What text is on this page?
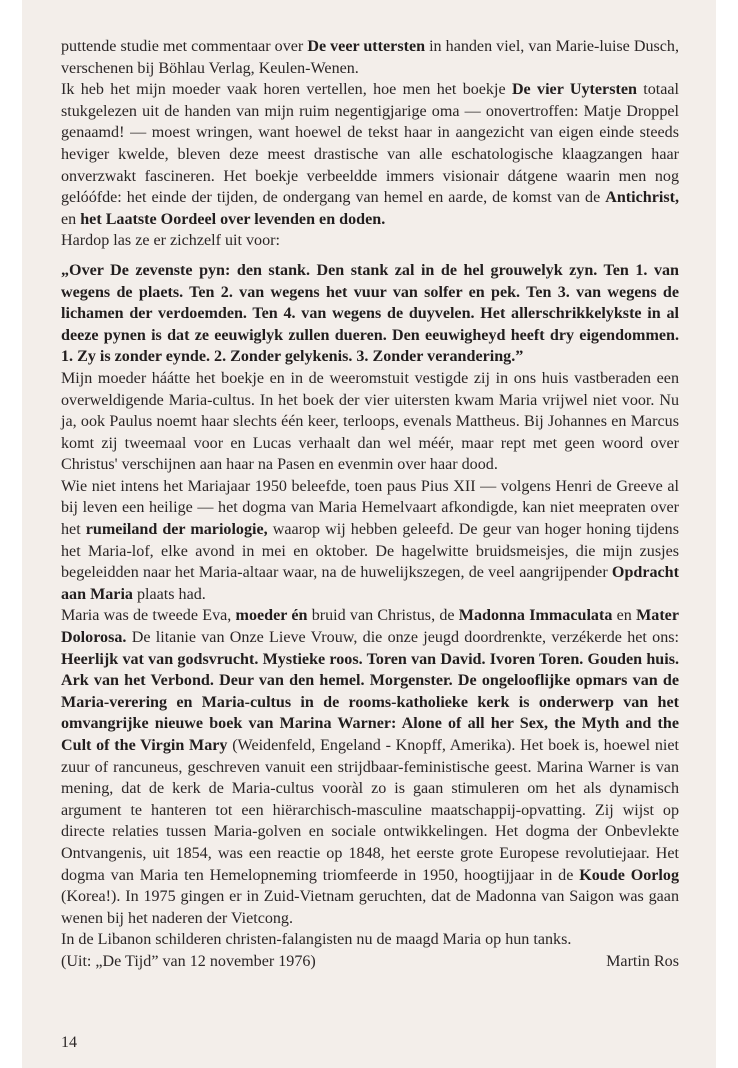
puttende studie met commentaar over De veer uttersten in handen viel, van Marie-luise Dusch, verschenen bij Böhlau Verlag, Keulen-Wenen.

Ik heb het mijn moeder vaak horen vertellen, hoe men het boekje De vier Uytersten totaal stukgelezen uit de handen van mijn ruim negentigjarige oma — onovertroffen: Matje Droppel genaamd! — moest wringen, want hoewel de tekst haar in aangezicht van eigen einde steeds heviger kwelde, bleven deze meest drastische van alle eschatologische klaagzangen haar onverzwakt fascineren. Het boekje verbeeldde immers visionair dátgene waarin men nog gelóófde: het einde der tijden, de ondergang van hemel en aarde, de komst van de Antichrist, en het Laatste Oordeel over levenden en doden.

Hardop las ze er zichzelf uit voor:

„Over De zevenste pyn: den stank. Den stank zal in de hel grouwelyk zyn. Ten 1. van wegens de plaets. Ten 2. van wegens het vuur van solfer en pek. Ten 3. van wegens de lichamen der verdoemden. Ten 4. van wegens de duyvelen. Het allerschrikkelykste in al deeze pynen is dat ze eeuwiglyk zullen dueren. Den eeuwigheyd heeft dry eigendommen. 1. Zy is zonder eynde. 2. Zonder gelykenis. 3. Zonder verandering.”

Mijn moeder háátte het boekje en in de weeromstuit vestigde zij in ons huis vastberaden een overweldigende Maria-cultus. In het boek der vier uitersten kwam Maria vrijwel niet voor. Nu ja, ook Paulus noemt haar slechts één keer, terloops, evenals Mattheus. Bij Johannes en Marcus komt zij tweemaal voor en Lucas verhaalt dan wel méér, maar rept met geen woord over Christus' verschijnen aan haar na Pasen en evenmin over haar dood.

Wie niet intens het Mariajaar 1950 beleefde, toen paus Pius XII — volgens Henri de Greeve al bij leven een heilige — het dogma van Maria Hemelvaart afkondigde, kan niet meepraten over het rumeiland der mariologie, waarop wij hebben geleefd. De geur van hoger honing tijdens het Maria-lof, elke avond in mei en oktober. De hagelwitte bruidsmeisjes, die mijn zusjes begeleidden naar het Maria-altaar waar, na de huwelijkszegen, de veel aangrijpender Opdracht aan Maria plaats had.

Maria was de tweede Eva, moeder én bruid van Christus, de Madonna Immaculata en Mater Dolorosa. De litanie van Onze Lieve Vrouw, die onze jeugd doordrenkte, verzékerde het ons: Heerlijk vat van godsvrucht. Mystieke roos. Toren van David. Ivoren Toren. Gouden huis. Ark van het Verbond. Deur van den hemel. Morgenster. De ongelooflijke opmars van de Maria-verering en Maria-cultus in de rooms-katholieke kerk is onderwerp van het omvangrijke nieuwe boek van Marina Warner: Alone of all her Sex, the Myth and the Cult of the Virgin Mary (Weidenfeld, Engeland - Knopff, Amerika). Het boek is, hoewel niet zuur of rancuneus, geschreven vanuit een strijdbaar-feministische geest. Marina Warner is van mening, dat de kerk de Maria-cultus vooràl zo is gaan stimuleren om het als dynamisch argument te hanteren tot een hiërarchisch-masculine maatschappij-opvatting. Zij wijst op directe relaties tussen Maria-golven en sociale ontwikkelingen. Het dogma der Onbevlekte Ontvangenis, uit 1854, was een reactie op 1848, het eerste grote Europese revolutiejaar. Het dogma van Maria ten Hemelopneming triomfeerde in 1950, hoogtijjaar in de Koude Oorlog (Korea!). In 1975 gingen er in Zuid-Vietnam geruchten, dat de Madonna van Saigon was gaan wenen bij het naderen der Vietcong.

In de Libanon schilderen christen-falangisten nu de maagd Maria op hun tanks.

(Uit: „De Tijd” van 12 november 1976)	Martin Ros
14
